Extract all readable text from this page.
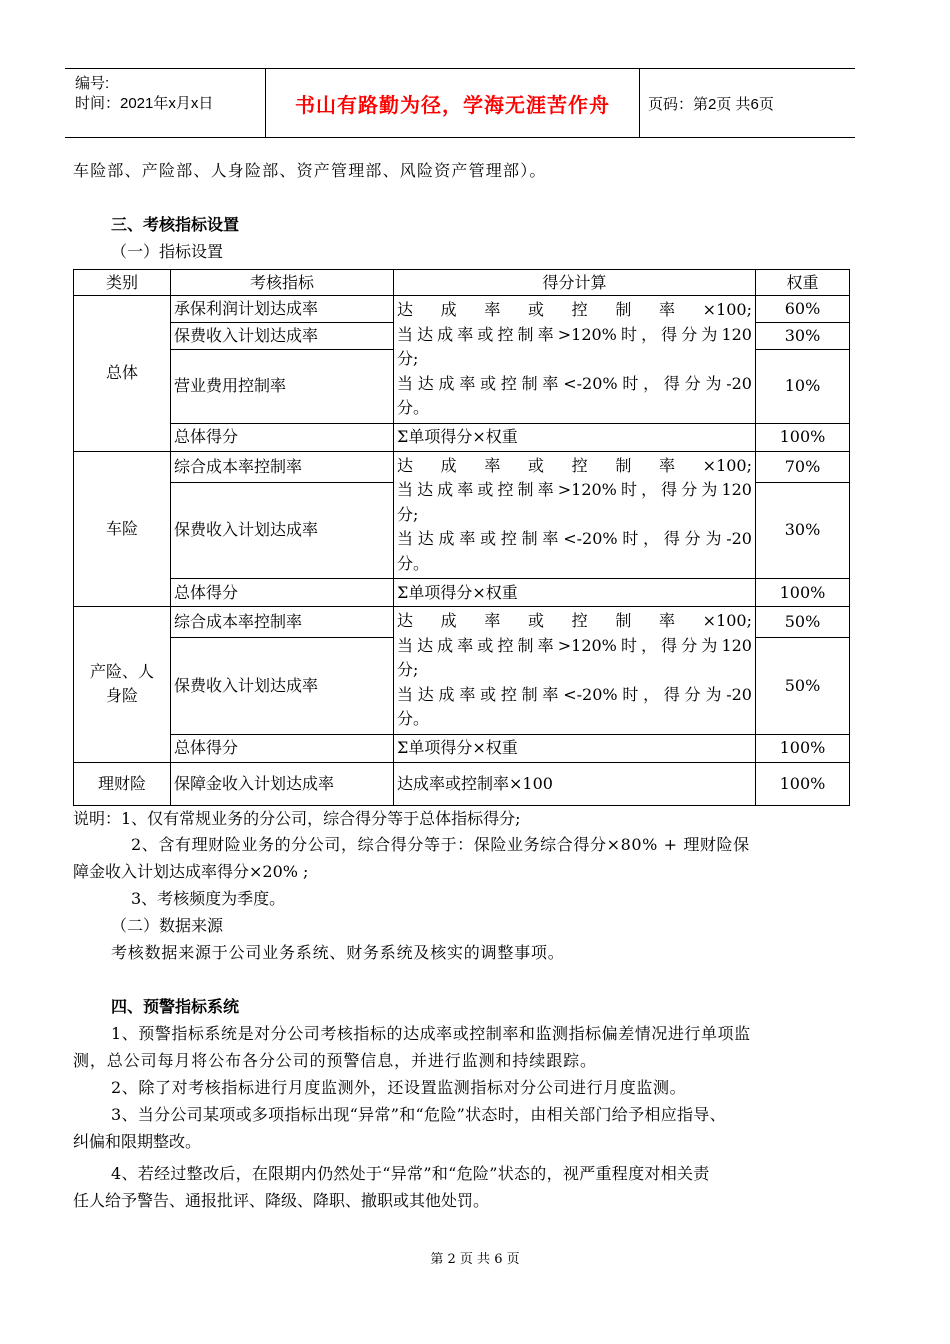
编号:
时间：2021年x月x日	书山有路勤为径，学海无涯苦作舟	页码：第2页 共6页
车险部、产险部、人身险部、资产管理部、风险资产管理部）。
三、考核指标设置
（一）指标设置
类别	考核指标	得分计算	权重
总体	承保利润计划达成率	达成率或控制率×100;
当达成率或控制率>120%时，得分为120
分;
当达成率或控制率<-20%时，得分为-20
分。	60%
	保费收入计划达成率		30%
	营业费用控制率		10%
	总体得分	Σ单项得分×权重	100%
车险	综合成本率控制率	达成率或控制率×100;
当达成率或控制率>120%时，得分为120
分;
当达成率或控制率<-20%时，得分为-20
分。	70%
	保费收入计划达成率		30%
	总体得分	Σ单项得分×权重	100%
产险、人
身险	综合成本率控制率	达成率或控制率×100;
当达成率或控制率>120%时，得分为120
分;
当达成率或控制率<-20%时，得分为-20
分。	50%
	保费收入计划达成率		50%
	总体得分	Σ单项得分×权重	100%
理财险	保障金收入计划达成率	达成率或控制率×100	100%
说明：1、仅有常规业务的分公司，综合得分等于总体指标得分;
2、含有理财险业务的分公司，综合得分等于：保险业务综合得分×80% + 理财险保
障金收入计划达成率得分×20% ;
3、考核频度为季度。
（二）数据来源
考核数据来源于公司业务系统、财务系统及核实的调整事项。
四、预警指标系统
1、预警指标系统是对分公司考核指标的达成率或控制率和监测指标偏差情况进行单项监
测，总公司每月将公布各分公司的预警信息，并进行监测和持续跟踪。
2、除了对考核指标进行月度监测外，还设置监测指标对分公司进行月度监测。
3、当分公司某项或多项指标出现“异常”和“危险”状态时，由相关部门给予相应指导、
纠偏和限期整改。
4、若经过整改后，在限期内仍然处于“异常”和“危险”状态的，视严重程度对相关责
任人给予警告、通报批评、降级、降职、撤职或其他处罚。
第 2 页 共 6 页
